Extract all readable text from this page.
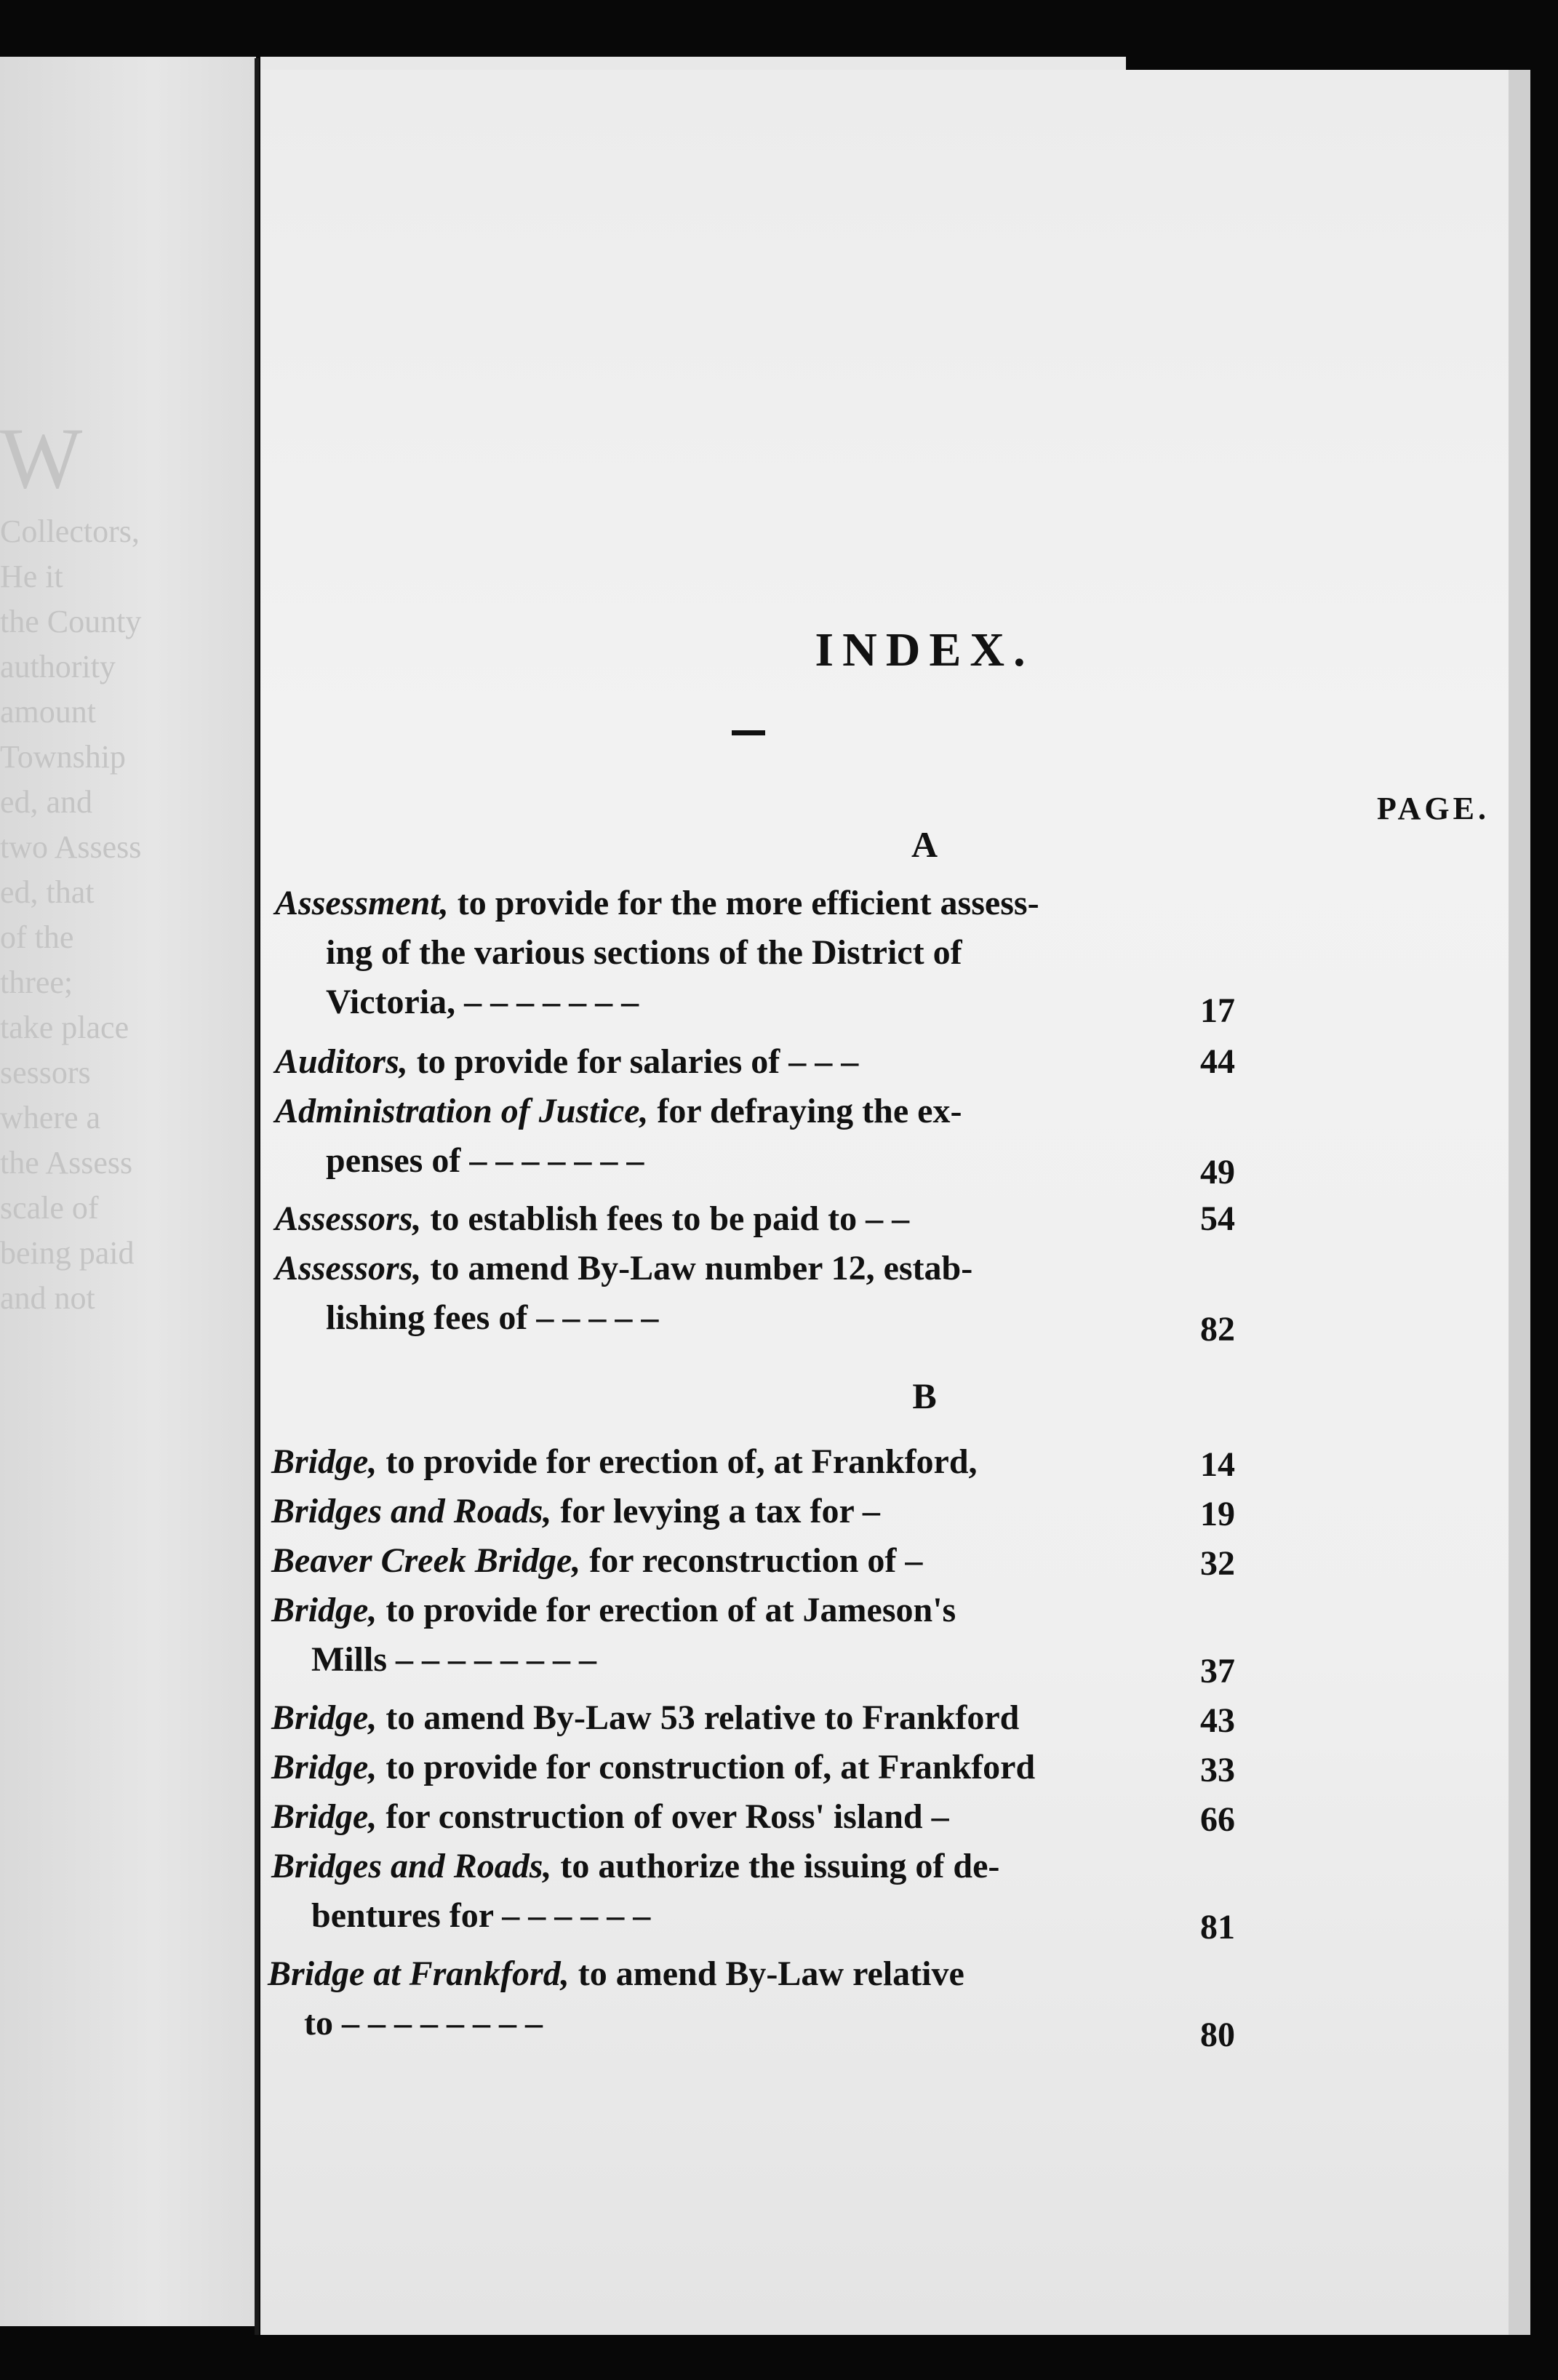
W
Collectors,
He it
the County
authority
amount
Township
ed, and
two Assess
ed, that
of the
three;
take place
sessors
where a
the Assess
scale of
being paid
and not
INDEX.
PAGE.
A
Assessment, to provide for the more efficient assess-
ing of the various sections of the District of
Victoria, – – – – – – –	17
Auditors, to provide for salaries of – – –	44
Administration of Justice, for defraying the ex-
penses of – – – – – – –	49
Assessors, to establish fees to be paid to – –	54
Assessors, to amend By-Law number 12, estab-
lishing fees of – – – – –	82
B
Bridge, to provide for erection of, at Frankford,	14
Bridges and Roads, for levying a tax for –	19
Beaver Creek Bridge, for reconstruction of –	32
Bridge, to provide for erection of at Jameson's
Mills – – – – – – – –	37
Bridge, to amend By-Law 53 relative to Frankford	43
Bridge, to provide for construction of, at Frankford	33
Bridge, for construction of over Ross' island –	66
Bridges and Roads, to authorize the issuing of de-
bentures for – – – – – –	81
Bridge at Frankford, to amend By-Law relative
to – – – – – – – –	80
